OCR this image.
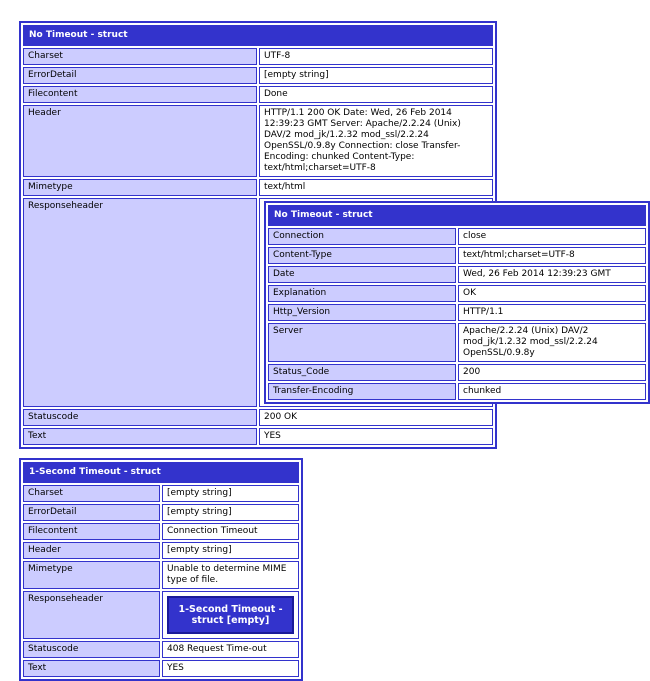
No Timeout - struct
Charset	UTF-8
ErrorDetail	[empty string]
Filecontent	Done
Header	HTTP/1.1 200 OK Date: Wed, 26 Feb 2014 12:39:23 GMT Server: Apache/2.2.24 (Unix) DAV/2 mod_jk/1.2.32 mod_ssl/2.2.24 OpenSSL/0.9.8y Connection: close Transfer-Encoding: chunked Content-Type: text/html;charset=UTF-8
Mimetype	text/html
Responseheader	
No Timeout - struct
Connection	close
Content-Type	text/html;charset=UTF-8
Date	Wed, 26 Feb 2014 12:39:23 GMT
Explanation	OK
Http_Version	HTTP/1.1
Server	Apache/2.2.24 (Unix) DAV/2 mod_jk/1.2.32 mod_ssl/2.2.24 OpenSSL/0.9.8y
Status_Code	200
Transfer-Encoding	chunked

Statuscode	200 OK
Text	YES
1-Second Timeout - struct	
Charset	[empty string]
ErrorDetail	[empty string]
Filecontent	Connection Timeout
Header	[empty string]
Mimetype	Unable to determine MIME type of file.
Responseheader	1-Second Timeout - struct [empty]

Statuscode	408 Request Time-out
Text	YES
